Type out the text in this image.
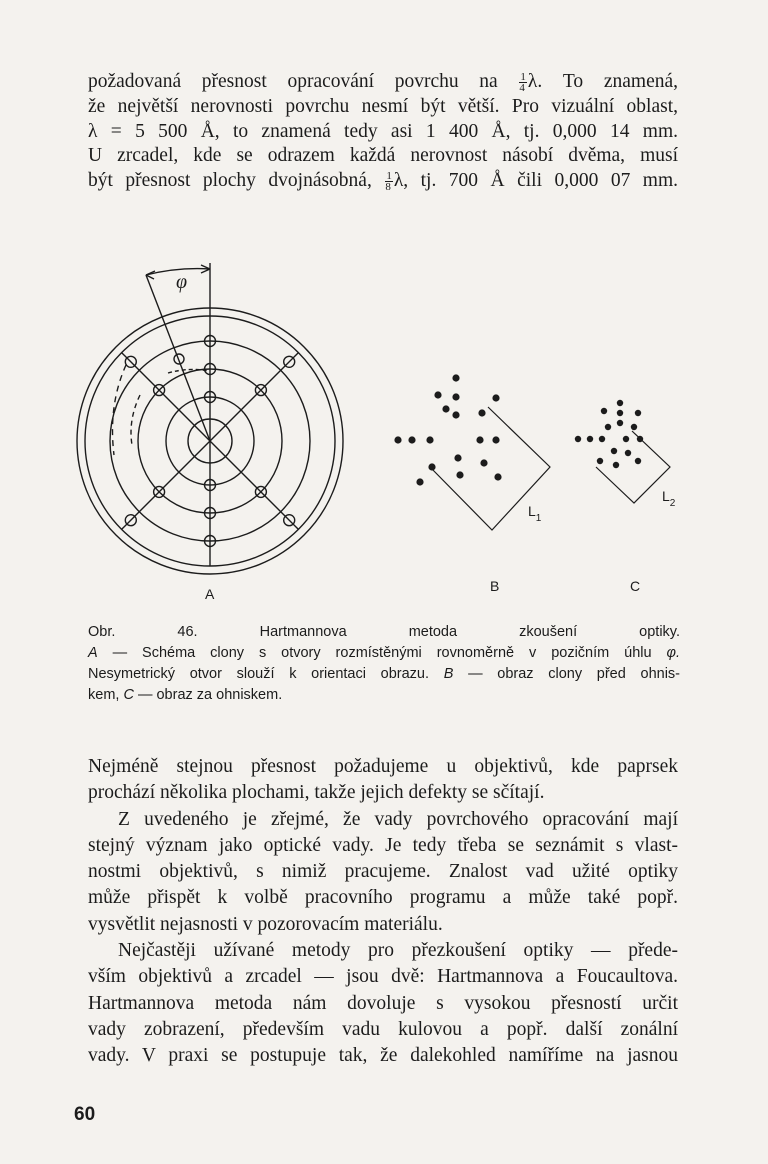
požadovaná přesnost opracování povrchu na $\frac{1}{4} \lambda$. To znamená,
že největší nerovnosti povrchu nesmí být větší. Pro vizuální oblast,
λ = 5 500 Å, to znamená tedy asi 1 400 Å, tj. 0,000 14 mm.
U zrcadel, kde se odrazem každá nerovnost násobí dvěma, musí
být přesnost plochy dvojnásobná, $\frac{1}{8} \lambda$, tj. 700 Å čili 0,000 07 mm.

φ
A
$L_1$
B
$L_2$
C

Obr. 46. Hartmannova metoda zkoušení optiky.
A — Schéma clony s otvory rozmístěnými rovnoměrně v pozičním úhlu φ.
Nesymetrický otvor slouží k orientaci obrazu. B — obraz clony před ohnis-
kem, C — obraz za ohniskem.

Nejméně stejnou přesnost požadujeme u objektivů, kde paprsek
prochází několika plochami, takže jejich defekty se sčítají.
Z uvedeného je zřejmé, že vady povrchového opracování mají
stejný význam jako optické vady. Je tedy třeba se seznámit s vlast-
nostmi objektivů, s nimiž pracujeme. Znalost vad užité optiky
může přispět k volbě pracovního programu a může také popř.
vysvětlit nejasnosti v pozorovacím materiálu.
Nejčastěji užívané metody pro přezkoušení optiky — přede-
vším objektivů a zrcadel — jsou dvě: Hartmannova a Foucaultova.
Hartmannova metoda nám dovoluje s vysokou přesností určit
vady zobrazení, především vadu kulovou a popř. další zonální
vady. V praxi se postupuje tak, že dalekohled namíříme na jasnou

60
